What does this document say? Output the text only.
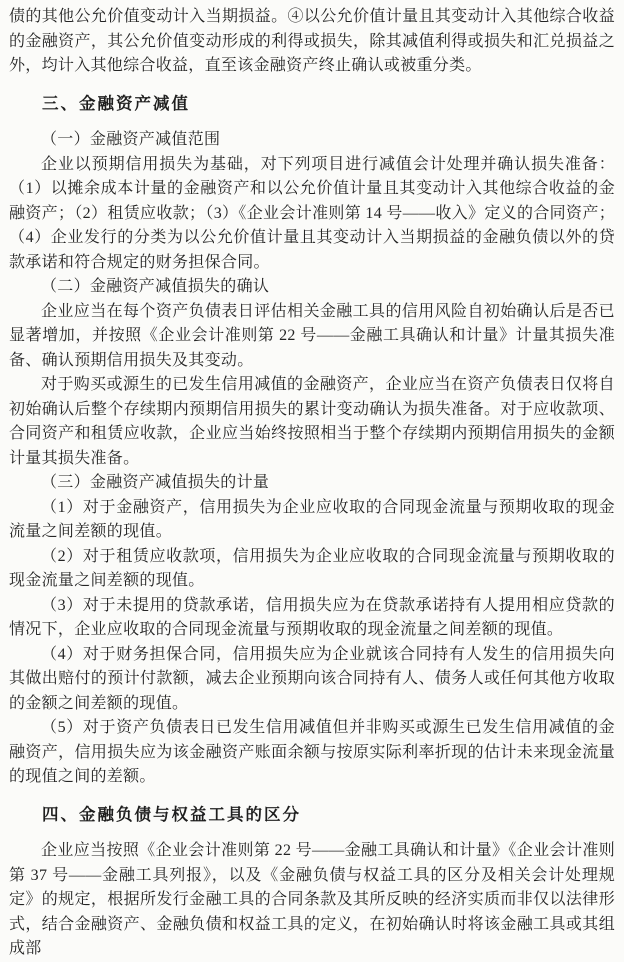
债的其他公允价值变动计入当期损益。④以公允价值计量且其变动计入其他综合收益的金融资产，其公允价值变动形成的利得或损失，除其减值利得或损失和汇兑损益之外，均计入其他综合收益，直至该金融资产终止确认或被重分类。

三、金融资产减值

（一）金融资产减值范围

企业以预期信用损失为基础，对下列项目进行减值会计处理并确认损失准备：（1）以摊余成本计量的金融资产和以公允价值计量且其变动计入其他综合收益的金融资产；（2）租赁应收款；（3）《企业会计准则第 14 号——收入》定义的合同资产；（4）企业发行的分类为以公允价值计量且其变动计入当期损益的金融负债以外的贷款承诺和符合规定的财务担保合同。

（二）金融资产减值损失的确认

企业应当在每个资产负债表日评估相关金融工具的信用风险自初始确认后是否已显著增加，并按照《企业会计准则第 22 号——金融工具确认和计量》计量其损失准备、确认预期信用损失及其变动。

对于购买或源生的已发生信用减值的金融资产，企业应当在资产负债表日仅将自初始确认后整个存续期内预期信用损失的累计变动确认为损失准备。对于应收款项、合同资产和租赁应收款，企业应当始终按照相当于整个存续期内预期信用损失的金额计量其损失准备。

（三）金融资产减值损失的计量

（1）对于金融资产，信用损失为企业应收取的合同现金流量与预期收取的现金流量之间差额的现值。

（2）对于租赁应收款项，信用损失为企业应收取的合同现金流量与预期收取的现金流量之间差额的现值。

（3）对于未提用的贷款承诺，信用损失应为在贷款承诺持有人提用相应贷款的情况下，企业应收取的合同现金流量与预期收取的现金流量之间差额的现值。

（4）对于财务担保合同，信用损失应为企业就该合同持有人发生的信用损失向其做出赔付的预计付款额，减去企业预期向该合同持有人、债务人或任何其他方收取的金额之间差额的现值。

（5）对于资产负债表日已发生信用减值但并非购买或源生已发生信用减值的金融资产，信用损失应为该金融资产账面余额与按原实际利率折现的估计未来现金流量的现值之间的差额。

四、金融负债与权益工具的区分

企业应当按照《企业会计准则第 22 号——金融工具确认和计量》《企业会计准则第 37 号——金融工具列报》，以及《金融负债与权益工具的区分及相关会计处理规定》的规定，根据所发行金融工具的合同条款及其所反映的经济实质而非仅以法律形式，结合金融资产、金融负债和权益工具的定义，在初始确认时将该金融工具或其组成部
